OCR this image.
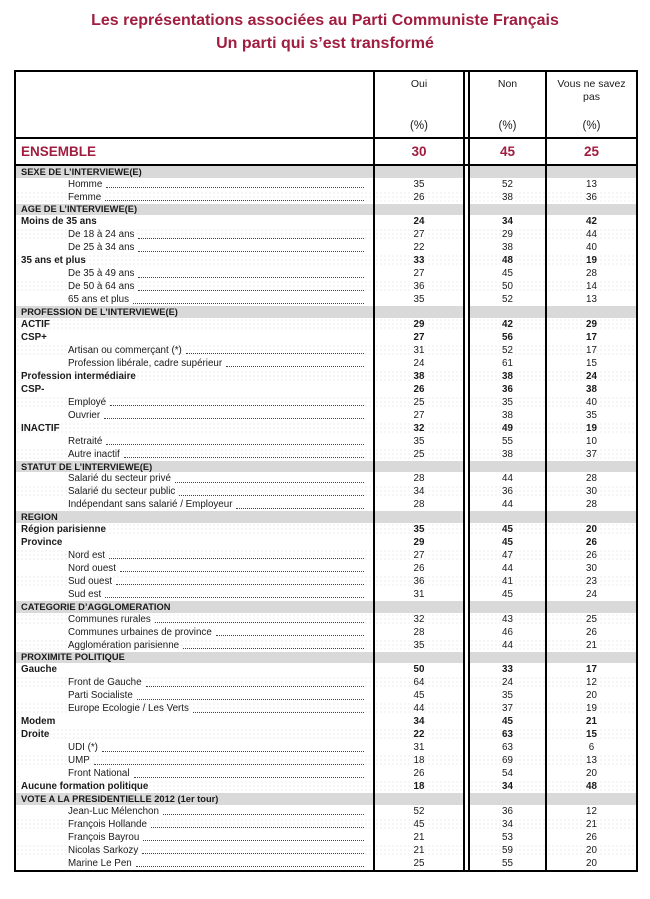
Les représentations associées au Parti Communiste Français
Un parti qui s’est transformé
Oui
(%)
Non
(%)
Vous ne savez pas
(%)
ENSEMBLE	30	45	25
SEXE DE L’INTERVIEWE(E)
Homme	35	52	13
Femme	26	38	36
AGE DE L’INTERVIEWE(E)
Moins de 35 ans	24	34	42
De 18 à 24 ans	27	29	44
De 25 à 34 ans	22	38	40
35 ans et plus	33	48	19
De 35 à 49 ans	27	45	28
De 50 à 64 ans	36	50	14
65 ans et plus	35	52	13
PROFESSION DE L’INTERVIEWE(E)
ACTIF	29	42	29
CSP+	27	56	17
Artisan ou commerçant (*)	31	52	17
Profession libérale, cadre supérieur	24	61	15
Profession intermédiaire	38	38	24
CSP-	26	36	38
Employé	25	35	40
Ouvrier	27	38	35
INACTIF	32	49	19
Retraité	35	55	10
Autre inactif	25	38	37
STATUT DE L’INTERVIEWE(E)
Salarié du secteur privé	28	44	28
Salarié du secteur public	34	36	30
Indépendant sans salarié / Employeur	28	44	28
REGION
Région parisienne	35	45	20
Province	29	45	26
Nord est	27	47	26
Nord ouest	26	44	30
Sud ouest	36	41	23
Sud est	31	45	24
CATEGORIE D’AGGLOMERATION
Communes rurales	32	43	25
Communes urbaines de province	28	46	26
Agglomération parisienne	35	44	21
PROXIMITE POLITIQUE
Gauche	50	33	17
Front de Gauche	64	24	12
Parti Socialiste	45	35	20
Europe Ecologie / Les Verts	44	37	19
Modem	34	45	21
Droite	22	63	15
UDI (*)	31	63	6
UMP	18	69	13
Front National	26	54	20
Aucune formation politique	18	34	48
VOTE A LA PRESIDENTIELLE 2012 (1er tour)
Jean-Luc Mélenchon	52	36	12
François Hollande	45	34	21
François Bayrou	21	53	26
Nicolas Sarkozy	21	59	20
Marine Le Pen	25	55	20
